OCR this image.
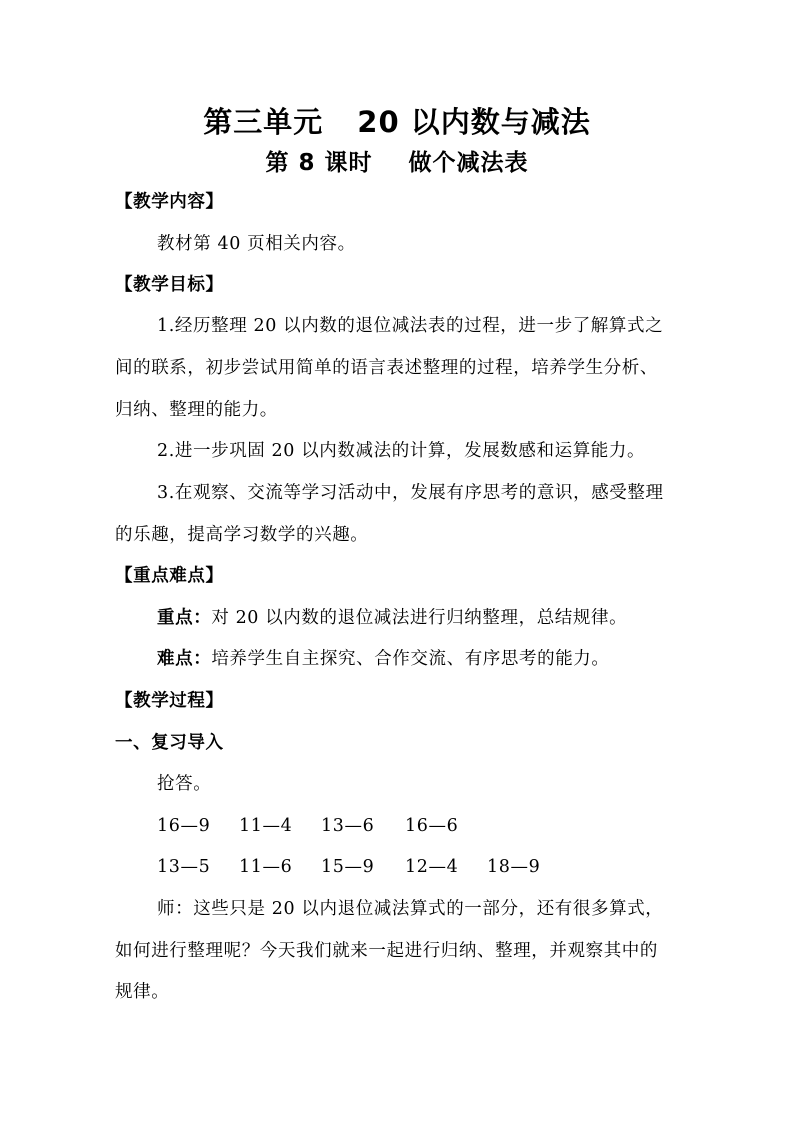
第三单元 20 以内数与减法
第 8 课时 做个减法表
【教学内容】
教材第 40 页相关内容。
【教学目标】
1.经历整理 20 以内数的退位减法表的过程，进一步了解算式之
间的联系，初步尝试用简单的语言表述整理的过程，培养学生分析、
归纳、整理的能力。
2.进一步巩固 20 以内数减法的计算，发展数感和运算能力。
3.在观察、交流等学习活动中，发展有序思考的意识，感受整理
的乐趣，提高学习数学的兴趣。
【重点难点】
重点：对 20 以内数的退位减法进行归纳整理，总结规律。
难点：培养学生自主探究、合作交流、有序思考的能力。
【教学过程】
一、复习导入
抢答。
16—9 11—4 13—6 16—6
13—5 11—6 15—9 12—4 18—9
师：这些只是 20 以内退位减法算式的一部分，还有很多算式，
如何进行整理呢？今天我们就来一起进行归纳、整理，并观察其中的
规律。
